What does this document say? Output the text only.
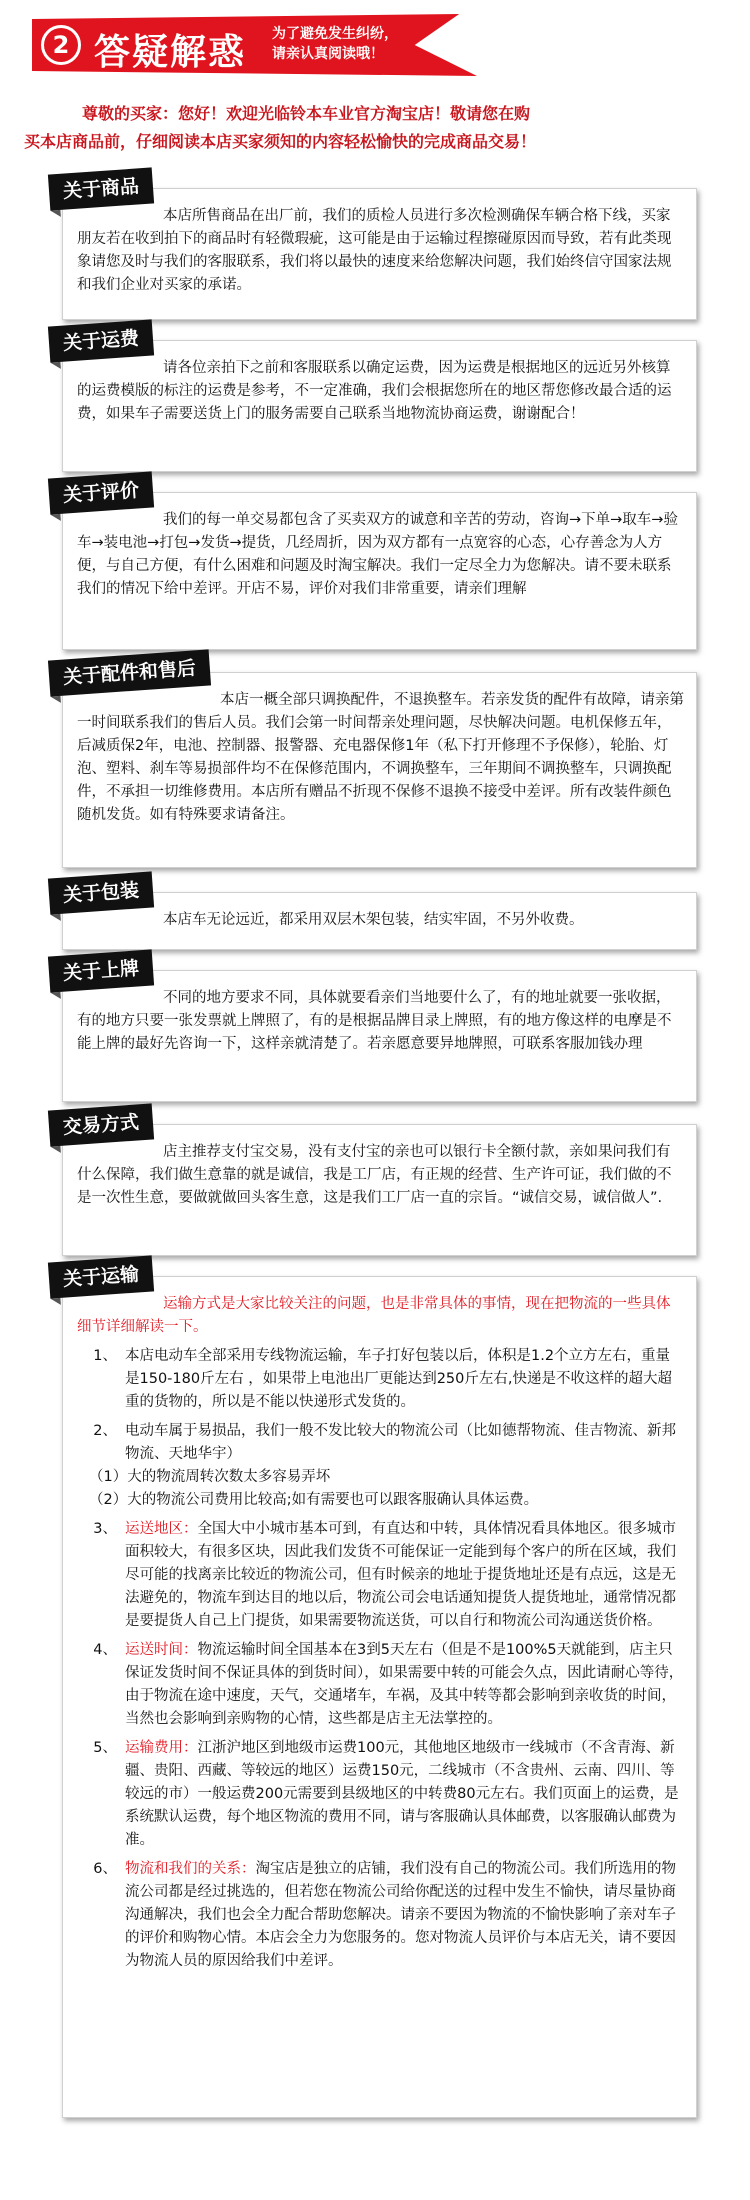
2 答疑解惑 为了避免发生纠纷，
请亲认真阅读哦！
尊敬的买家：您好！欢迎光临铃本车业官方淘宝店！敬请您在购
买本店商品前，仔细阅读本店买家须知的内容轻松愉快的完成商品交易！
关于商品
本店所售商品在出厂前，我们的质检人员进行多次检测确保车辆合格下线，买家朋友若在收到拍下的商品时有轻微瑕疵，这可能是由于运输过程擦碰原因而导致，若有此类现象请您及时与我们的客服联系，我们将以最快的速度来给您解决问题，我们始终信守国家法规和我们企业对买家的承诺。
关于运费
请各位亲拍下之前和客服联系以确定运费，因为运费是根据地区的远近另外核算的运费模版的标注的运费是参考，不一定准确，我们会根据您所在的地区帮您修改最合适的运费，如果车子需要送货上门的服务需要自己联系当地物流协商运费，谢谢配合！
关于评价
我们的每一单交易都包含了买卖双方的诚意和辛苦的劳动，咨询→下单→取车→验车→装电池→打包→发货→提货，几经周折，因为双方都有一点宽容的心态，心存善念为人方便，与自己方便，有什么困难和问题及时淘宝解决。我们一定尽全力为您解决。请不要未联系我们的情况下给中差评。开店不易，评价对我们非常重要，请亲们理解
关于配件和售后
本店一概全部只调换配件，不退换整车。若亲发货的配件有故障，请亲第一时间联系我们的售后人员。我们会第一时间帮亲处理问题，尽快解决问题。电机保修五年，后减质保2年，电池、控制器、报警器、充电器保修1年（私下打开修理不予保修），轮胎、灯泡、塑料、刹车等易损部件均不在保修范围内，不调换整车，三年期间不调换整车，只调换配件，不承担一切维修费用。本店所有赠品不折现不保修不退换不接受中差评。所有改装件颜色随机发货。如有特殊要求请备注。
关于包装
本店车无论远近，都采用双层木架包装，结实牢固，不另外收费。
关于上牌
不同的地方要求不同，具体就要看亲们当地要什么了，有的地址就要一张收据，有的地方只要一张发票就上牌照了，有的是根据品牌目录上牌照，有的地方像这样的电摩是不能上牌的最好先咨询一下，这样亲就清楚了。若亲愿意要异地牌照，可联系客服加钱办理
交易方式
店主推荐支付宝交易，没有支付宝的亲也可以银行卡全额付款，亲如果问我们有什么保障，我们做生意靠的就是诚信，我是工厂店，有正规的经营、生产许可证，我们做的不是一次性生意，要做就做回头客生意，这是我们工厂店一直的宗旨。“诚信交易，诚信做人”.
关于运输
运输方式是大家比较关注的问题，也是非常具体的事情，现在把物流的一些具体细节详细解读一下。
1、 本店电动车全部采用专线物流运输，车子打好包装以后，体积是1.2个立方左右，重量是150-180斤左右 ，如果带上电池出厂更能达到250斤左右,快递是不收这样的超大超重的货物的，所以是不能以快递形式发货的。
2、 电动车属于易损品，我们一般不发比较大的物流公司（比如德帮物流、佳吉物流、新邦物流、天地华宇）
（1）大的物流周转次数太多容易弄坏
（2）大的物流公司费用比较高;如有需要也可以跟客服确认具体运费。
3、 运送地区：全国大中小城市基本可到，有直达和中转，具体情况看具体地区。很多城市面积较大，有很多区块，因此我们发货不可能保证一定能到每个客户的所在区域，我们尽可能的找离亲比较近的物流公司，但有时候亲的地址于提货地址还是有点远，这是无法避免的，物流车到达目的地以后，物流公司会电话通知提货人提货地址，通常情况都是要提货人自己上门提货，如果需要物流送货，可以自行和物流公司沟通送货价格。
4、 运送时间：物流运输时间全国基本在3到5天左右（但是不是100%5天就能到，店主只保证发货时间不保证具体的到货时间），如果需要中转的可能会久点，因此请耐心等待，由于物流在途中速度，天气，交通堵车，车祸，及其中转等都会影响到亲收货的时间，当然也会影响到亲购物的心情，这些都是店主无法掌控的。
5、 运输费用：江浙沪地区到地级市运费100元，其他地区地级市一线城市（不含青海、新疆、贵阳、西藏、等较远的地区）运费150元，二线城市（不含贵州、云南、四川、等较远的市）一般运费200元需要到县级地区的中转费80元左右。我们页面上的运费，是系统默认运费，每个地区物流的费用不同，请与客服确认具体邮费，以客服确认邮费为准。
6、 物流和我们的关系：淘宝店是独立的店铺，我们没有自己的物流公司。我们所选用的物流公司都是经过挑选的，但若您在物流公司给你配送的过程中发生不愉快，请尽量协商沟通解决，我们也会全力配合帮助您解决。请亲不要因为物流的不愉快影响了亲对车子的评价和购物心情。本店会全力为您服务的。您对物流人员评价与本店无关，请不要因为物流人员的原因给我们中差评。
